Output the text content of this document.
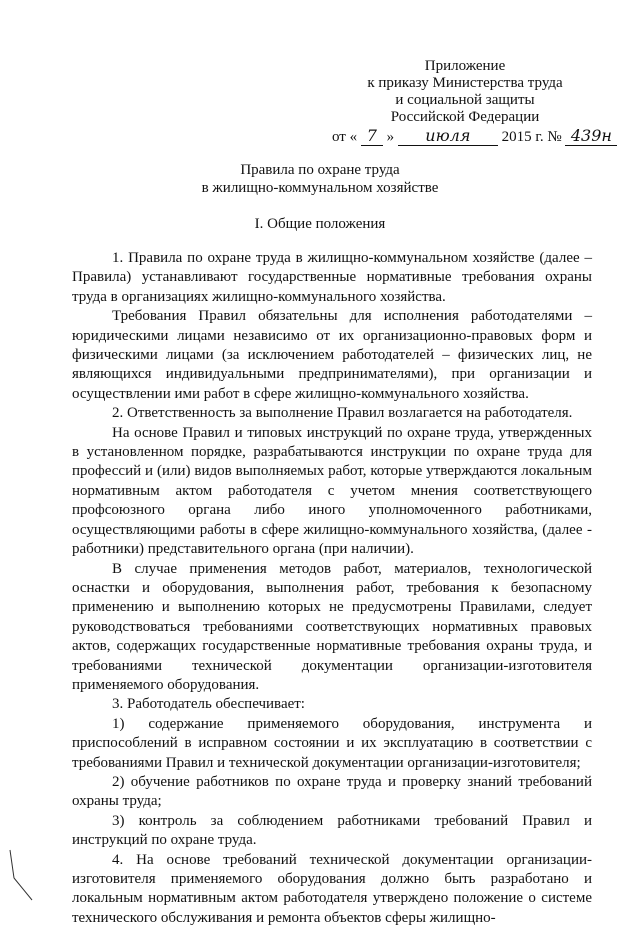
Приложение
к приказу Министерства труда
и социальной защиты
Российской Федерации
от « 7 » июля 2015 г. № 439н
Правила по охране труда
в жилищно-коммунальном хозяйстве
I. Общие положения

1. Правила по охране труда в жилищно-коммунальном хозяйстве (далее – Правила) устанавливают государственные нормативные требования охраны труда в организациях жилищно-коммунального хозяйства.

Требования Правил обязательны для исполнения работодателями – юридическими лицами независимо от их организационно-правовых форм и физическими лицами (за исключением работодателей – физических лиц, не являющихся индивидуальными предпринимателями), при организации и осуществлении ими работ в сфере жилищно-коммунального хозяйства.

2. Ответственность за выполнение Правил возлагается на работодателя.

На основе Правил и типовых инструкций по охране труда, утвержденных в установленном порядке, разрабатываются инструкции по охране труда для профессий и (или) видов выполняемых работ, которые утверждаются локальным нормативным актом работодателя с учетом мнения соответствующего профсоюзного органа либо иного уполномоченного работниками, осуществляющими работы в сфере жилищно-коммунального хозяйства, (далее - работники) представительного органа (при наличии).

В случае применения методов работ, материалов, технологической оснастки и оборудования, выполнения работ, требования к безопасному применению и выполнению которых не предусмотрены Правилами, следует руководствоваться требованиями соответствующих нормативных правовых актов, содержащих государственные нормативные требования охраны труда, и требованиями технической документации организации-изготовителя применяемого оборудования.

3. Работодатель обеспечивает:

1) содержание применяемого оборудования, инструмента и приспособлений в исправном состоянии и их эксплуатацию в соответствии с требованиями Правил и технической документации организации-изготовителя;

2) обучение работников по охране труда и проверку знаний требований охраны труда;

3) контроль за соблюдением работниками требований Правил и инструкций по охране труда.

4. На основе требований технической документации организации-изготовителя применяемого оборудования должно быть разработано и локальным нормативным актом работодателя утверждено положение о системе технического обслуживания и ремонта объектов сферы жилищно-
